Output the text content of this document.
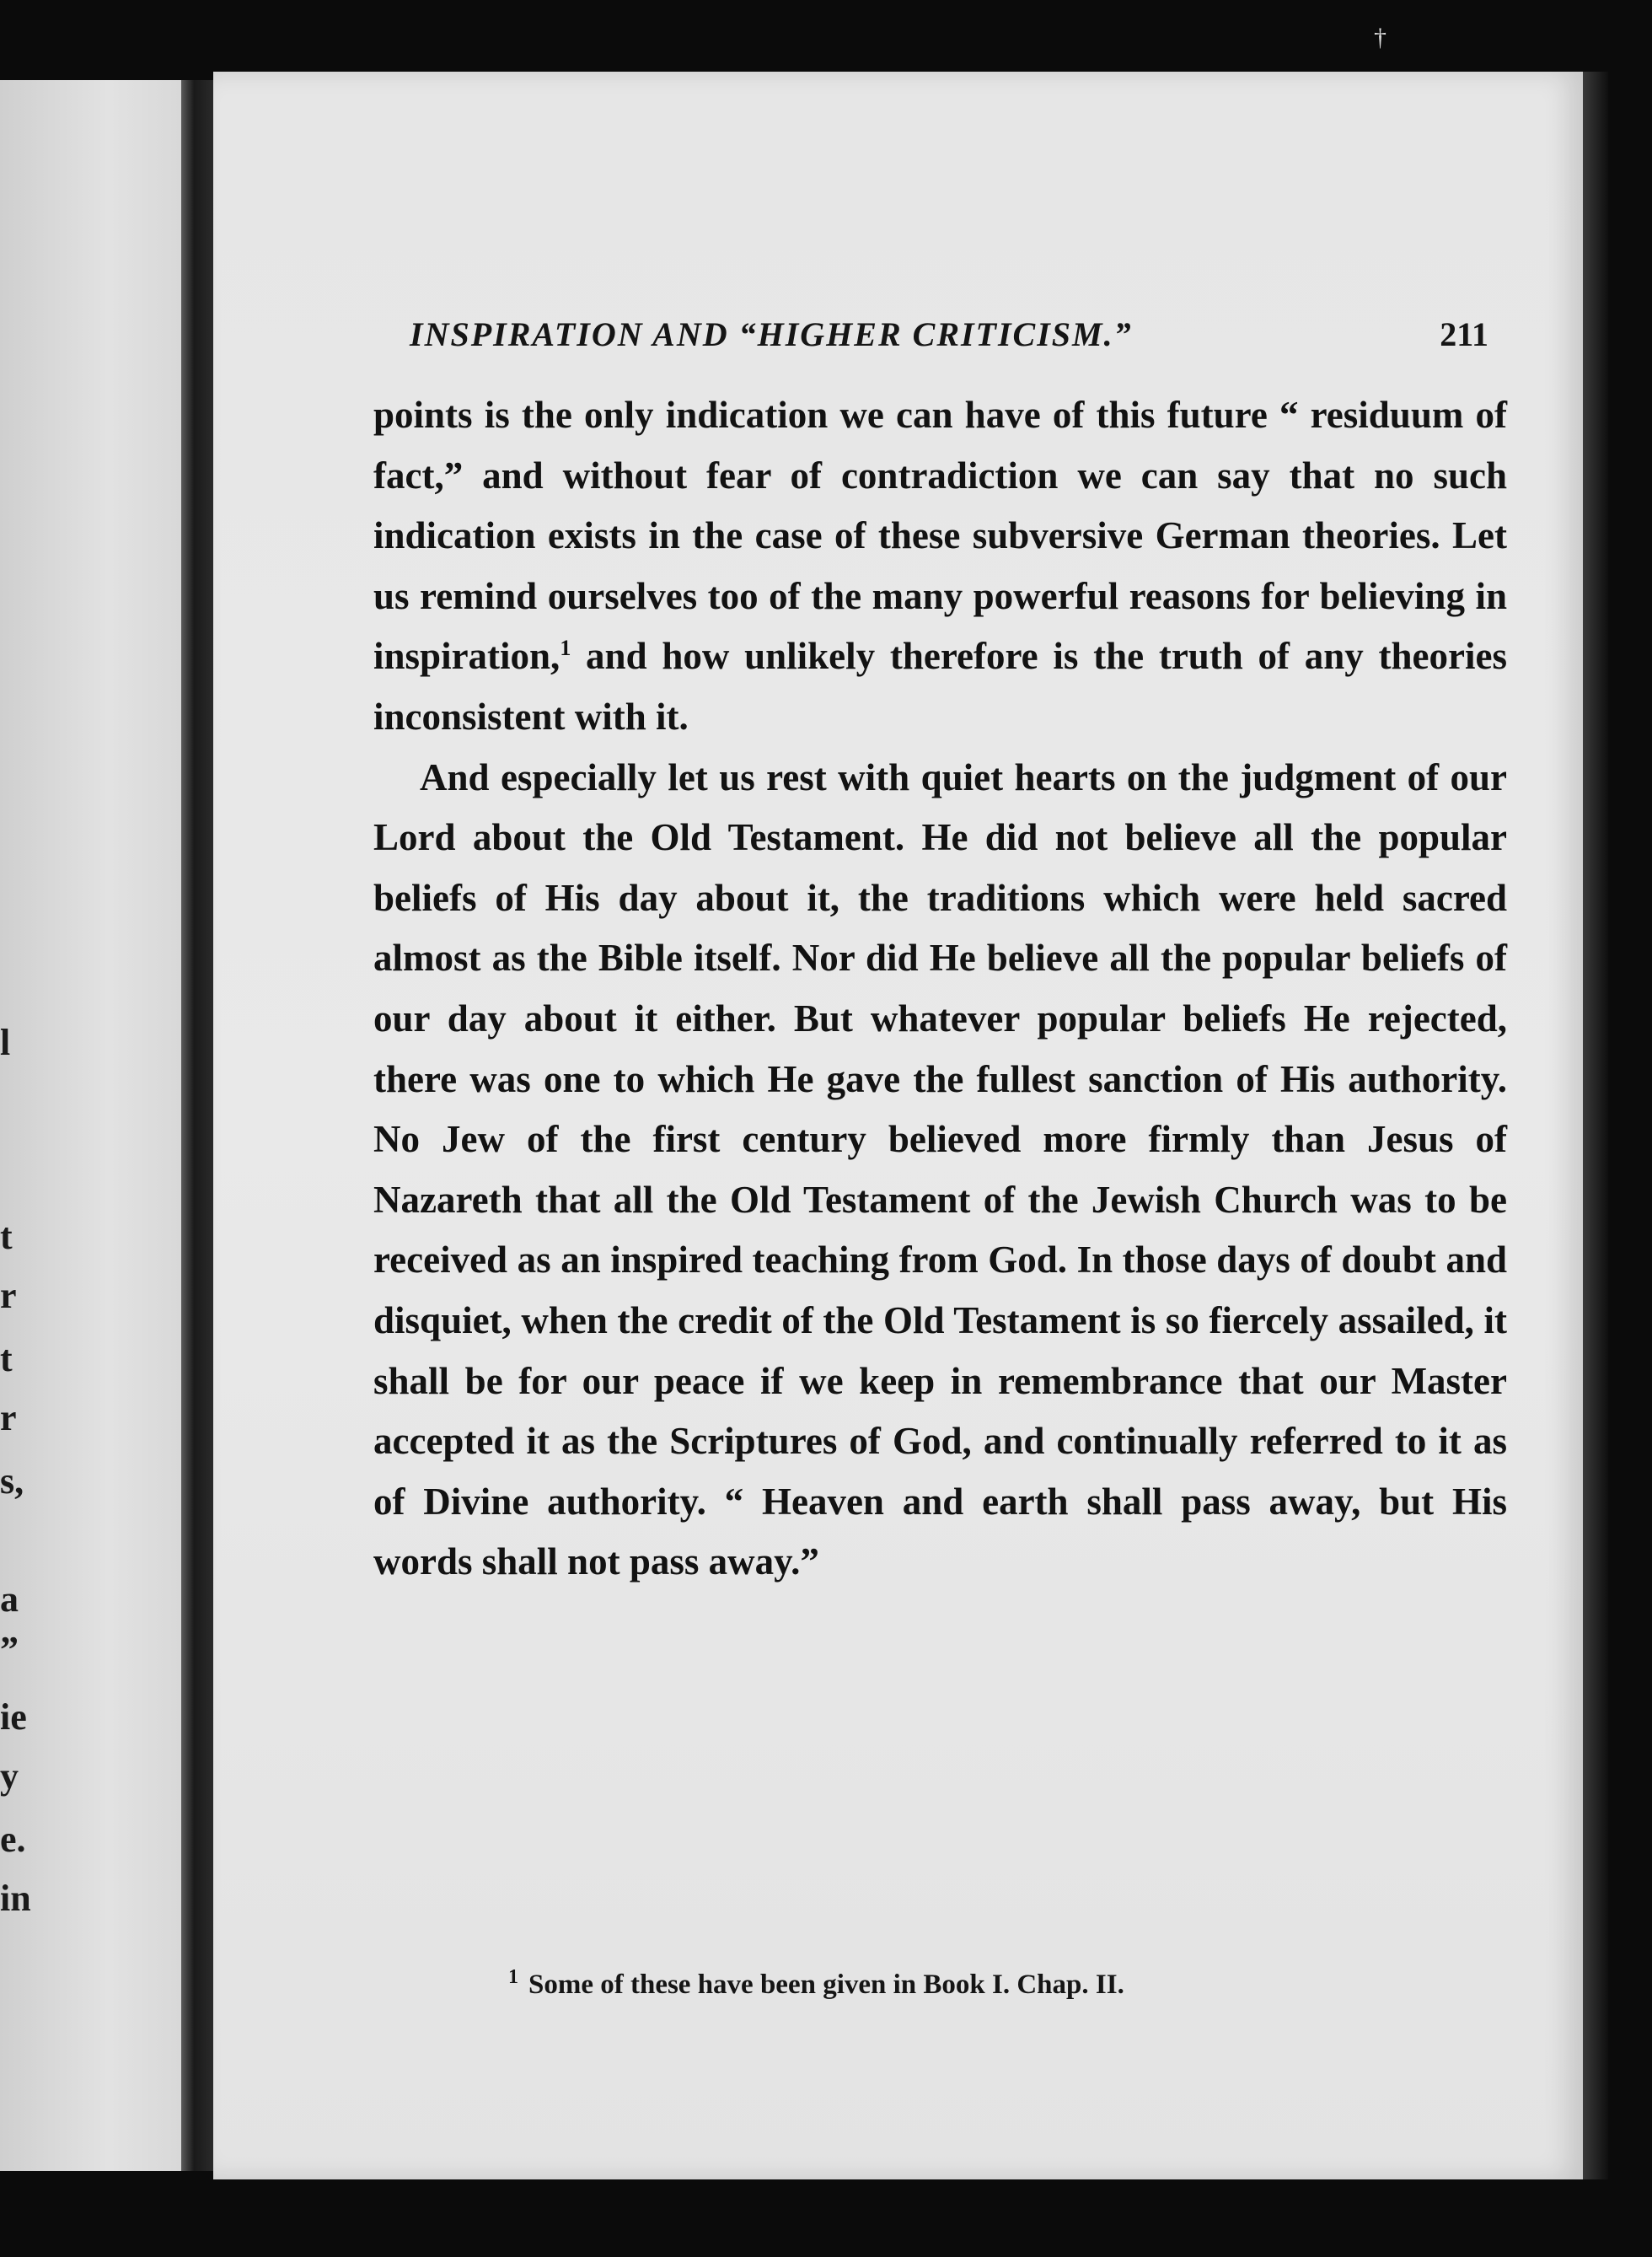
l
t
r
t
r
s,
a
”
ie
y
e.
in
†
INSPIRATION AND “HIGHER CRITICISM.”	211

points is the only indication we can have of this future “ residuum of fact,” and without fear of contradiction we can say that no such indication exists in the case of these subversive German theories. Let us remind ourselves too of the many powerful reasons for believing in inspiration,$^1$ and how unlikely therefore is the truth of any theories inconsistent with it.

And especially let us rest with quiet hearts on the judgment of our Lord about the Old Testament. He did not believe all the popular beliefs of His day about it, the traditions which were held sacred almost as the Bible itself. Nor did He believe all the popular beliefs of our day about it either. But whatever popular beliefs He rejected, there was one to which He gave the fullest sanction of His authority. No Jew of the first century believed more firmly than Jesus of Nazareth that all the Old Testament of the Jewish Church was to be received as an inspired teaching from God. In those days of doubt and disquiet, when the credit of the Old Testament is so fiercely assailed, it shall be for our peace if we keep in remembrance that our Master accepted it as the Scriptures of God, and continually referred to it as of Divine authority. “ Heaven and earth shall pass away, but His words shall not pass away.”

$^1$ Some of these have been given in Book I. Chap. II.
